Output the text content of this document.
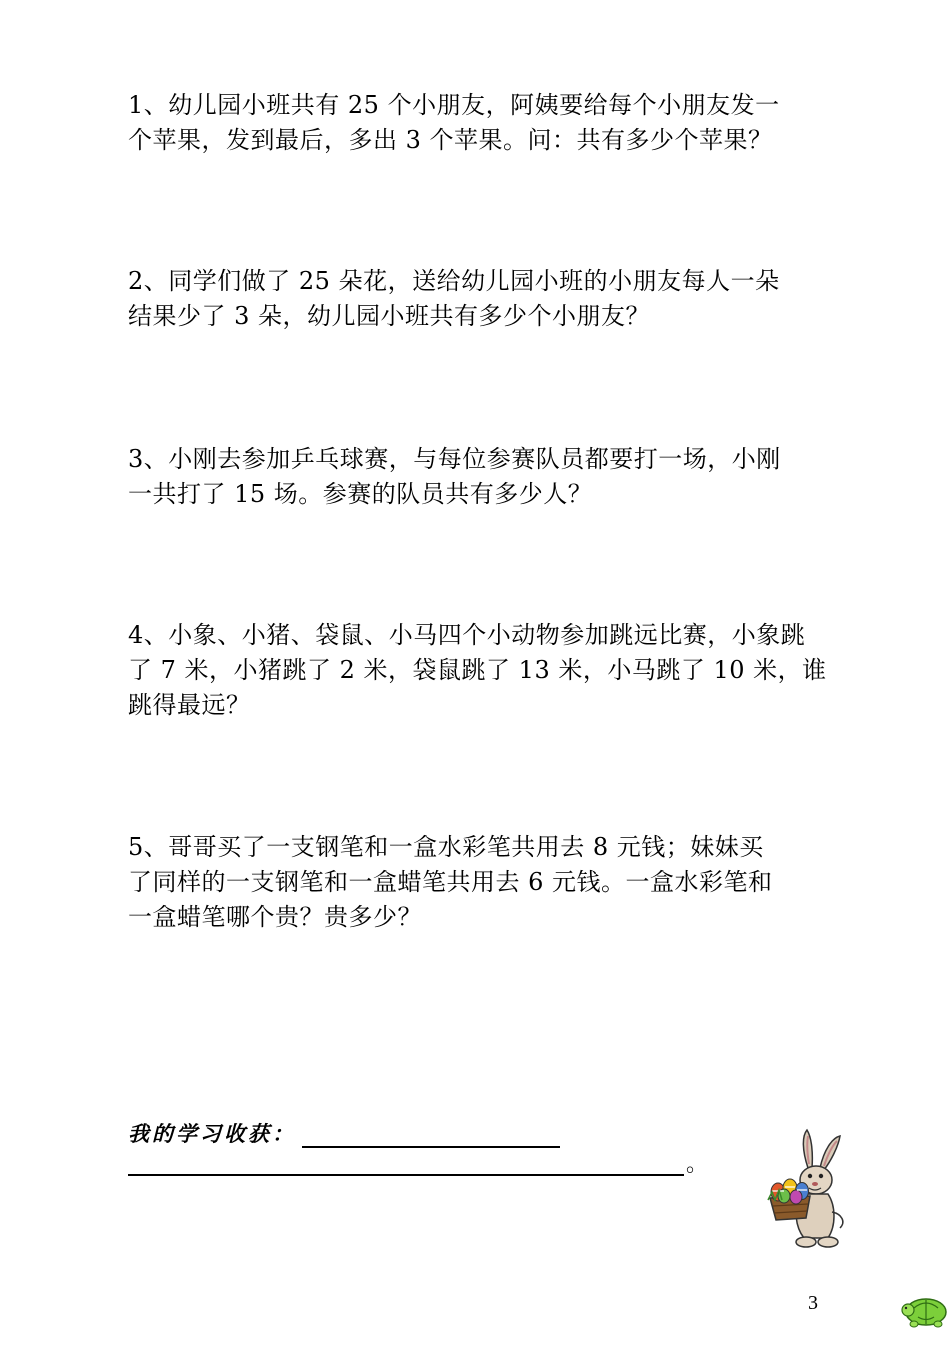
1、幼儿园小班共有 25 个小朋友，阿姨要给每个小朋友发一
个苹果，发到最后，多出 3 个苹果。问：共有多少个苹果？

2、同学们做了 25 朵花，送给幼儿园小班的小朋友每人一朵
结果少了 3 朵，幼儿园小班共有多少个小朋友？

3、小刚去参加乒乓球赛，与每位参赛队员都要打一场，小刚
一共打了 15 场。参赛的队员共有多少人？

4、小象、小猪、袋鼠、小马四个小动物参加跳远比赛，小象跳
了 7 米，小猪跳了 2 米，袋鼠跳了 13 米，小马跳了 10 米，谁
跳得最远？

5、哥哥买了一支钢笔和一盒水彩笔共用去 8 元钱；妹妹买
了同样的一支钢笔和一盒蜡笔共用去 6 元钱。一盒水彩笔和
一盒蜡笔哪个贵？贵多少？

我的学习收获：
。
3
